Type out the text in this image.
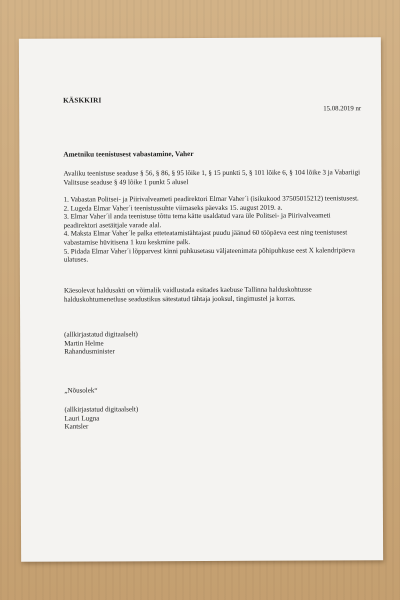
KÄSKKIRI

15.08.2019 nr

Ametniku teenistusest vabastamine, Vaher

Avaliku teenistuse seaduse § 56, § 86, § 95 lõike 1, § 15 punkti 5, § 101 lõike 6, § 104 lõike 3 ja Vabariigi Valitsuse seaduse § 49 lõike 1 punkt 5 alusel

1. Vabastan Politsei- ja Piirivalveameti peadirektori Elmar Vaher´i (isikukood 37505015212) teenistusest.

2. Lugeda Elmar Vaher´i teenistussuhte viimaseks päevaks 15. august 2019. a.

3. Elmar Vaher´il anda teenistuse tõttu tema kätte usaldatud vara üle Politsei- ja Piirivalveameti peadirektori asetäitjale varade alal.

4. Maksta Elmar Vaher´le palka etteteatamistähtajast puudu jäänud 60 tööpäeva eest ning teenistusest vabastamise hüvitisena 1 kuu keskmine palk.

5. Pidada Elmar Vaher´i lõpparvest kinni puhkusetasu väljateenimata põhipuhkuse eest X kalendripäeva ulatuses.

Käesolevat haldusakti on võimalik vaidlustada esitades kaebuse Tallinna halduskohtusse halduskohtumenetluse seadustikus sätestatud tähtaja jooksul, tingimustel ja korras.

(allkirjastatud digitaalselt)

Martin Helme

Rahandusminister

„Nõusolek“

(allkirjastatud digitaalselt)

Lauri Lugna

Kantsler
